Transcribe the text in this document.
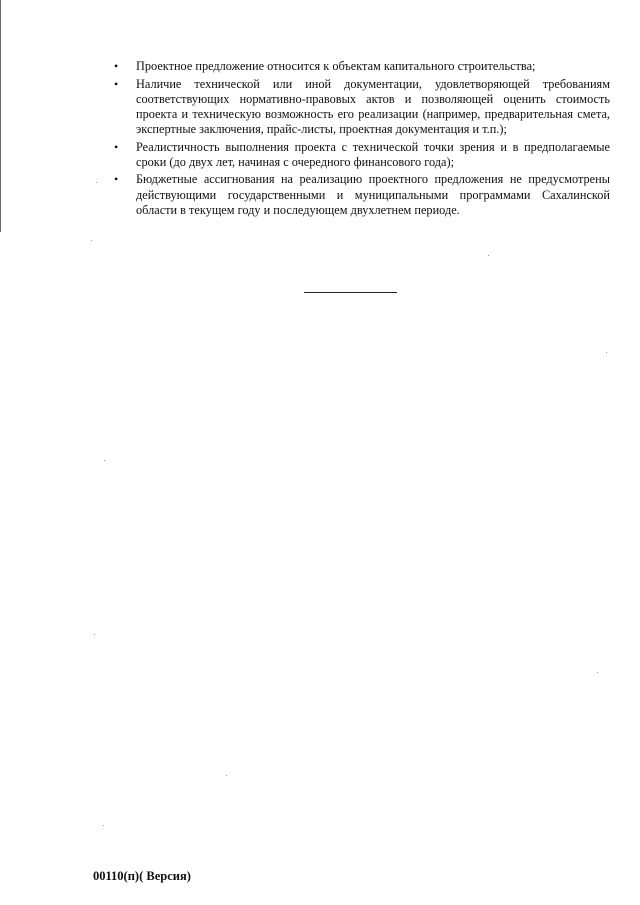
• Проектное предложение относится к объектам капитального строительства;
• Наличие технической или иной документации, удовлетворяющей требованиям соответствующих нормативно-правовых актов и позволяющей оценить стоимость проекта и техническую возможность его реализации (например, предварительная смета, экспертные заключения, прайс-листы, проектная документация и т.п.);
• Реалистичность выполнения проекта с технической точки зрения и в предполагаемые сроки (до двух лет, начиная с очередного финансового года);
• Бюджетные ассигнования на реализацию проектного предложения не предусмотрены действующими государственными и муниципальными программами Сахалинской области в текущем году и последующем двухлетнем периоде.
00110(п)( Версия)
